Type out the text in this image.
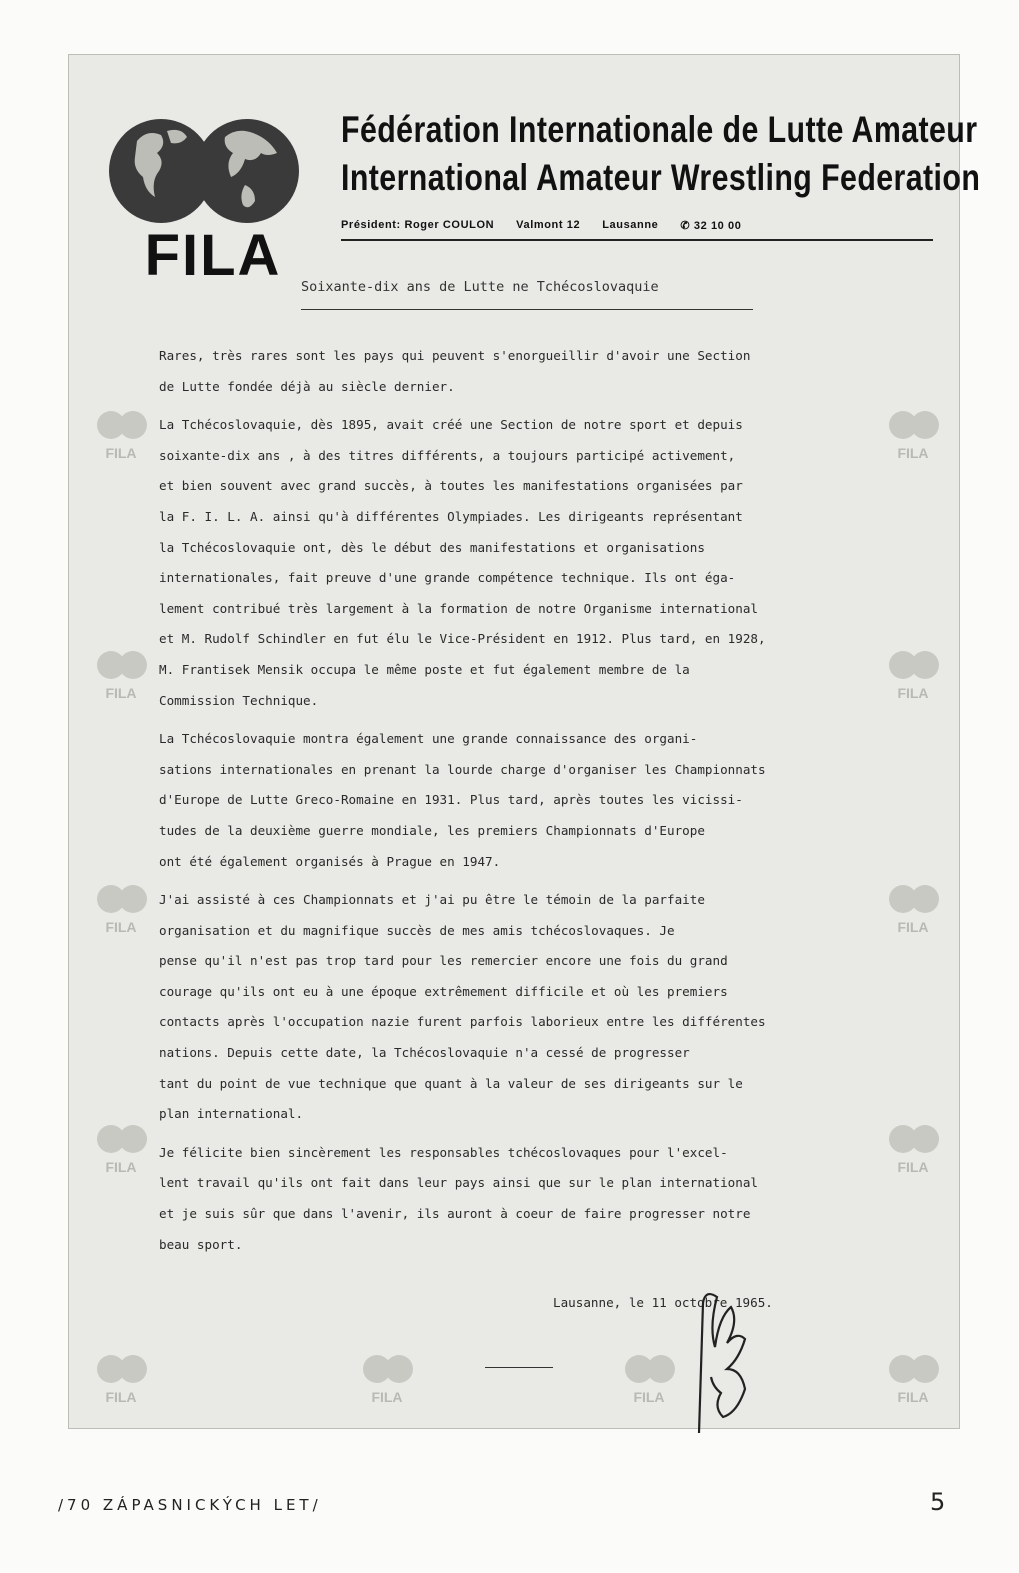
FILA
Fédération Internationale de Lutte Amateur
International Amateur Wrestling Federation
Président: Roger COULON Valmont 12 Lausanne ✆ 32 10 00
Soixante-dix ans de Lutte ne Tchécoslovaquie

Rares, très rares sont les pays qui peuvent s'enorgueillir d'avoir une Section
de Lutte fondée déjà au siècle dernier.

La Tchécoslovaquie, dès 1895, avait créé une Section de notre sport et depuis
soixante-dix ans , à des titres différents, a toujours participé activement,
et bien souvent avec grand succès, à toutes les manifestations organisées par
la F. I. L. A. ainsi qu'à différentes Olympiades. Les dirigeants représentant
la Tchécoslovaquie ont, dès le début des manifestations et organisations
internationales, fait preuve d'une grande compétence technique. Ils ont éga-
lement contribué très largement à la formation de notre Organisme international
et M. Rudolf Schindler en fut élu le Vice-Président en 1912. Plus tard, en 1928,
M. Frantisek Mensik occupa le même poste et fut également membre de la
Commission Technique.

La Tchécoslovaquie montra également une grande connaissance des organi-
sations internationales en prenant la lourde charge d'organiser les Championnats
d'Europe de Lutte Greco-Romaine en 1931. Plus tard, après toutes les vicissi-
tudes de la deuxième guerre mondiale, les premiers Championnats d'Europe
ont été également organisés à Prague en 1947.

J'ai assisté à ces Championnats et j'ai pu être le témoin de la parfaite
organisation et du magnifique succès de mes amis tchécoslovaques. Je
pense qu'il n'est pas trop tard pour les remercier encore une fois du grand
courage qu'ils ont eu à une époque extrêmement difficile et où les premiers
contacts après l'occupation nazie furent parfois laborieux entre les différentes
nations. Depuis cette date, la Tchécoslovaquie n'a cessé de progresser
tant du point de vue technique que quant à la valeur de ses dirigeants sur le
plan international.

Je félicite bien sincèrement les responsables tchécoslovaques pour l'excel-
lent travail qu'ils ont fait dans leur pays ainsi que sur le plan international
et je suis sûr que dans l'avenir, ils auront à coeur de faire progresser notre
beau sport.

Lausanne, le 11 octobre 1965.
FILA	FILA
FILA	FILA
FILA	FILA
FILA	FILA
FILA	FILA	FILA	FILA
/70 ZÁPASNICKÝCH LET/	5
